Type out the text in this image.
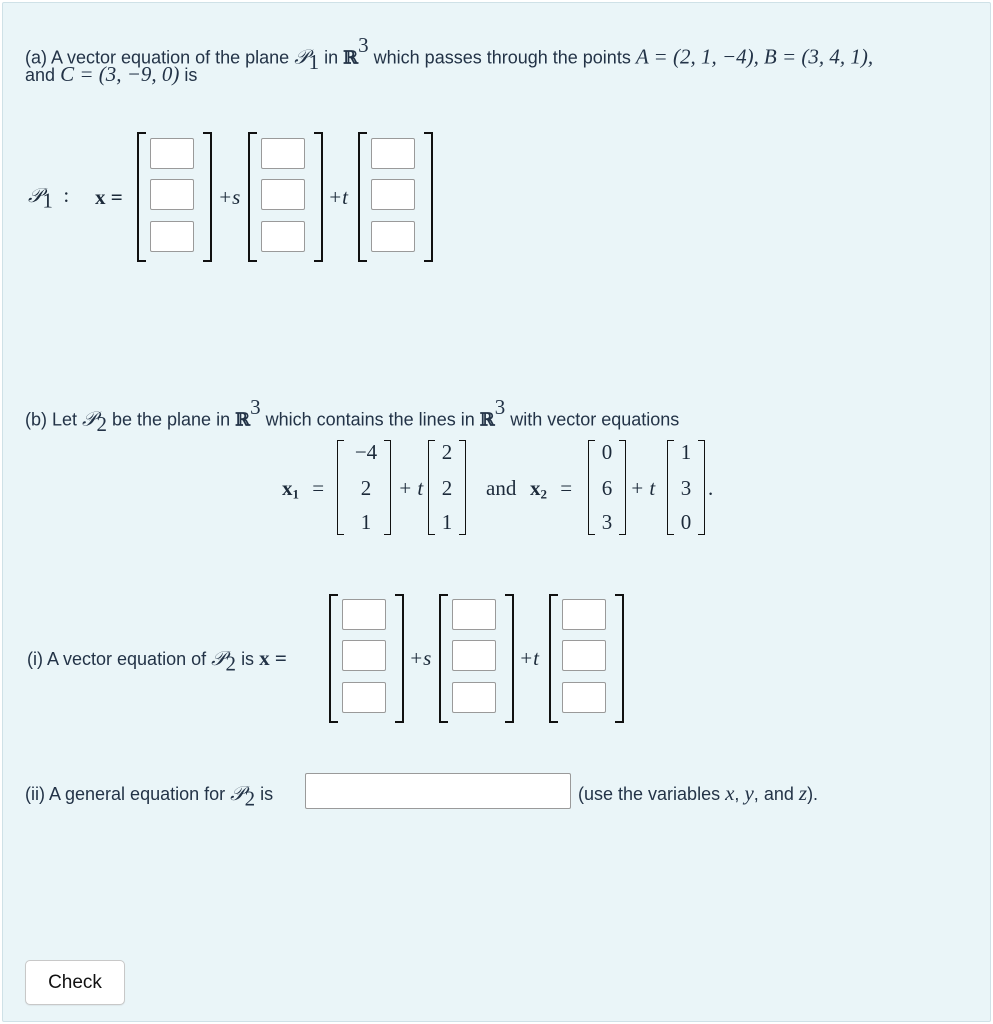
(a) A vector equation of the plane 𝒫$_1$ in ℝ$^3$ which passes through the points A = (2, 1, −4), B = (3, 4, 1),
and C = (3, −9, 0) is
𝒫$_1$ : x =	+s	+t
(b) Let 𝒫$_2$ be the plane in ℝ$^3$ which contains the lines in ℝ$^3$ with vector equations
$x_1$ =
−4
2
1
+ t
2
2
1
and $x_2$ =
0
6
3
+ t
1
3
0
.
(i) A vector equation of 𝒫$_2$ is x =	+s	+t
(ii) A general equation for 𝒫$_2$ is	(use the variables x, y, and z).
Check
